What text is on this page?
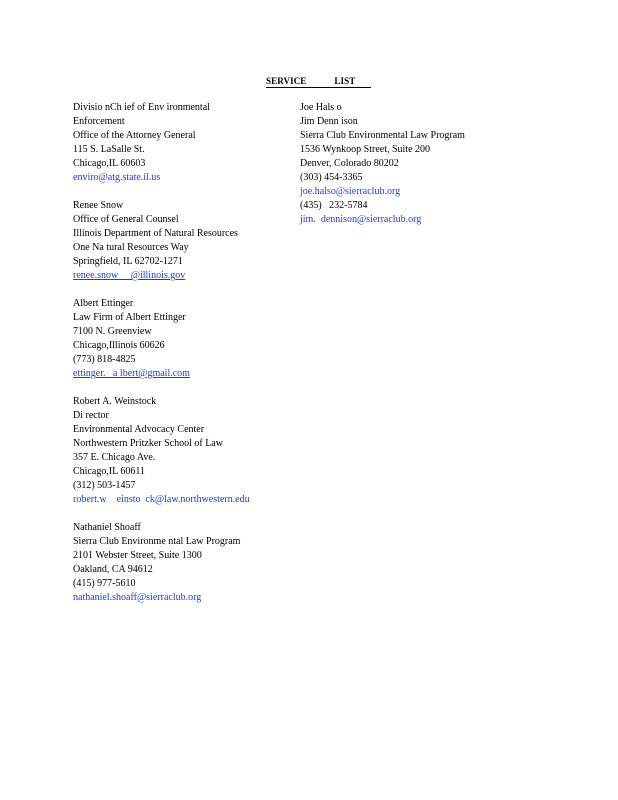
SERVICE	LIST
Divisio nCh ief of Env ironmental
Enforcement
Office of the Attorney General
115 S. LaSalle St.
Chicago,IL 60603
enviro@atg.state.il.us
Renee Snow
Office of General Counsel
Illinois Department of Natural Resources
One Na tural Resources Way
Springfield, IL 62702-1271
renee.snow     @illinois.gov
Albert Ettinger
Law Firm of Albert Ettinger
7100 N. Greenview
Chicago,Illinois 60626
(773) 818-4825
ettinger.   a lbert@gmail.com
Robert A. Weinstock
Di rector
Environmental Advocacy Center
Northwestern Pritzker School of Law
357 E. Chicago Ave.
Chicago,IL 60611
(312) 503-1457
robert.w    einsto  ck@law.northwestern.edu
Nathaniel Shoaff
Sierra Club Environme ntal Law Program
2101 Webster Street, Suite 1300
Oakland, CA 94612
(415) 977-5610
nathaniel.shoaff@sierraclub.org
Joe Hals o
Jim Denn ison
Sierra Club Environmental Law Program
1536 Wynkoop Street, Suite 200
Denver, Colorado 80202
(303) 454-3365
joe.halso@sierraclub.org
(435)   232-5784
jim.  dennison@sierraclub.org
